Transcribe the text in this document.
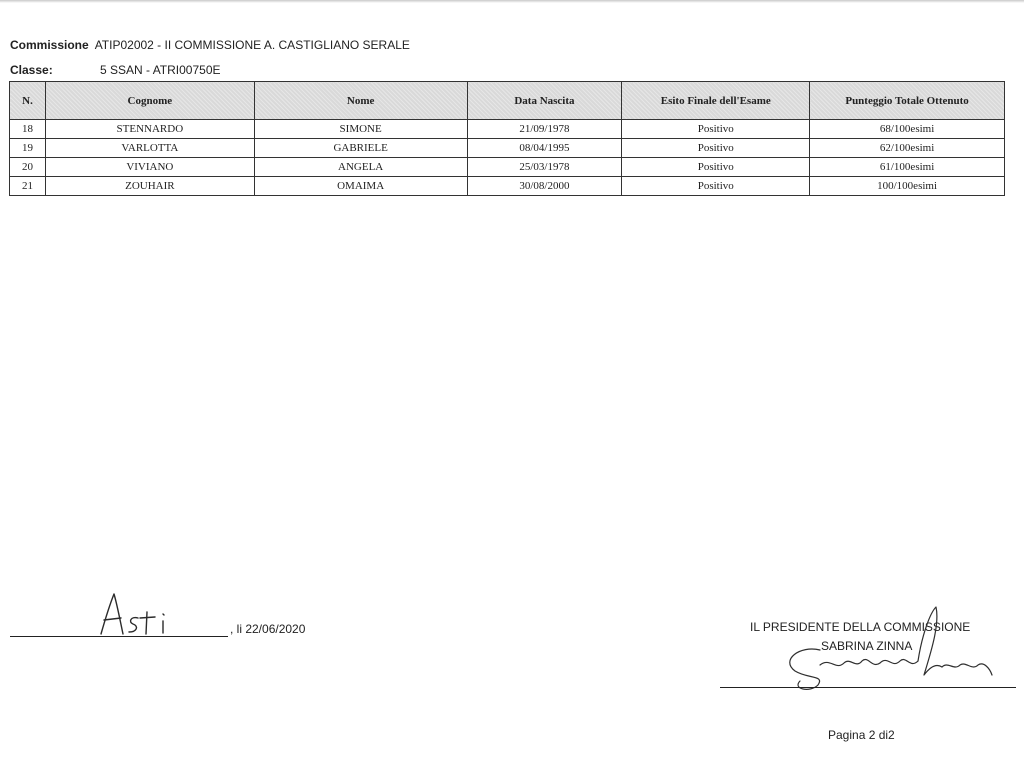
Commissione ATIP02002 - II COMMISSIONE A. CASTIGLIANO SERALE
Classe:	5 SSAN - ATRI00750E
N.	Cognome	Nome	Data Nascita	Esito Finale dell'Esame	Punteggio Totale Ottenuto
18	STENNARDO	SIMONE	21/09/1978	Positivo	68/100esimi
19	VARLOTTA	GABRIELE	08/04/1995	Positivo	62/100esimi
20	VIVIANO	ANGELA	25/03/1978	Positivo	61/100esimi
21	ZOUHAIR	OMAIMA	30/08/2000	Positivo	100/100esimi
, li 22/06/2020	IL PRESIDENTE DELLA COMMISSIONE
SABRINA ZINNA
Pagina 2 di2
